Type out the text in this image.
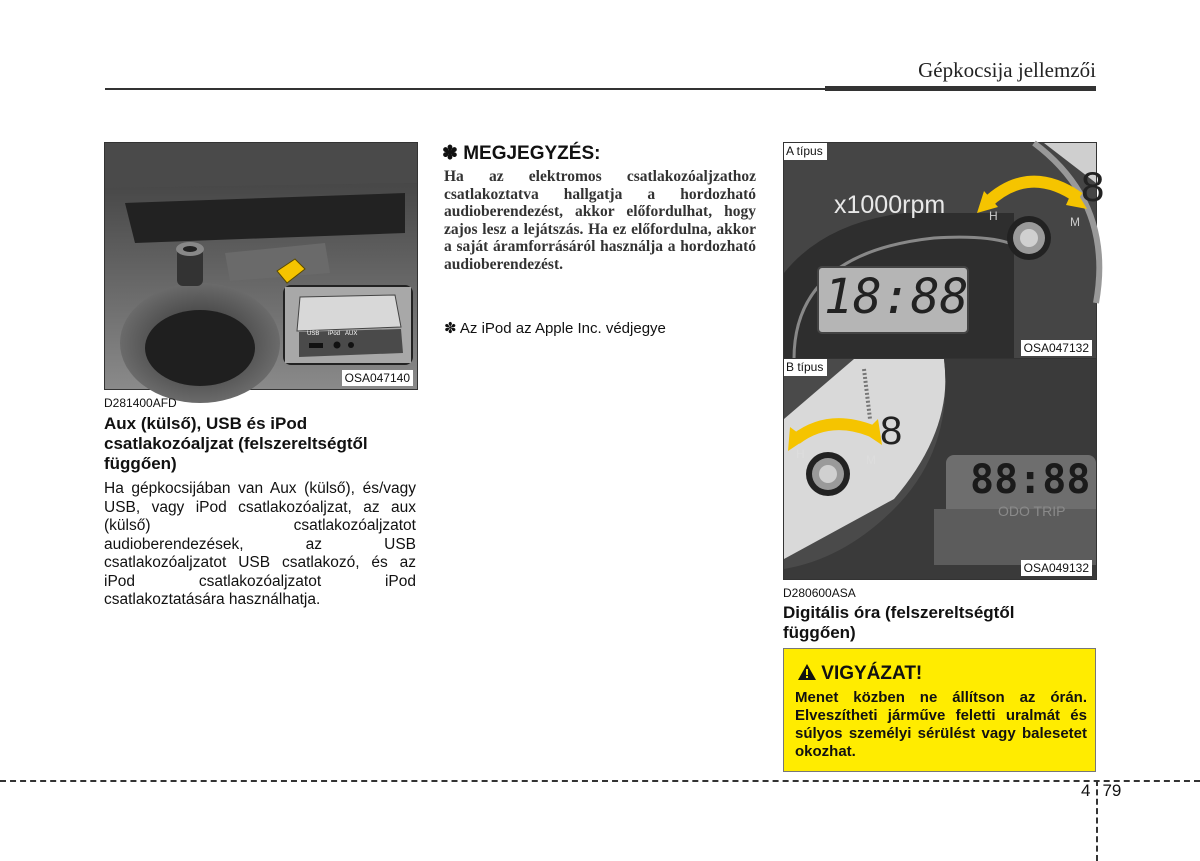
Gépkocsija jellemzői
USB iPod AUX
OSA047140
D281400AFD
Aux (külső), USB és iPod csatlakozóaljzat (felszereltségtől függően)
Ha gépkocsijában van Aux (külső), és/vagy USB, vagy iPod csatlakozóaljzat, az aux (külső) csatlakozóaljzatot audioberendezések, az USB csatlakozóaljzatot USB csatlakozó, és az iPod csatlakozóaljzatot iPod csatlakoztatására használhatja.
✽ MEGJEGYZÉS:
Ha az elektromos csatlakozóaljzathoz csatlakoztatva hallgatja a hordozható audioberendezést, akkor előfordulhat, hogy zajos lesz a lejátszás. Ha ez előfordulna, akkor a saját áramforrásáról használja a hordozható audioberendezést.
✽ Az iPod az Apple Inc. védjegye
x1000rpm
18:88
8
H	M
A típus
OSA047132
8
88:88
ODO TRIP
H	M
B típus
OSA049132
D280600ASA
Digitális óra (felszereltségtől függően)
VIGYÁZAT!
Menet közben ne állítson az órán. Elveszítheti járműve feletti uralmát és súlyos személyi sérülést vagy balesetet okozhat.
4 79
